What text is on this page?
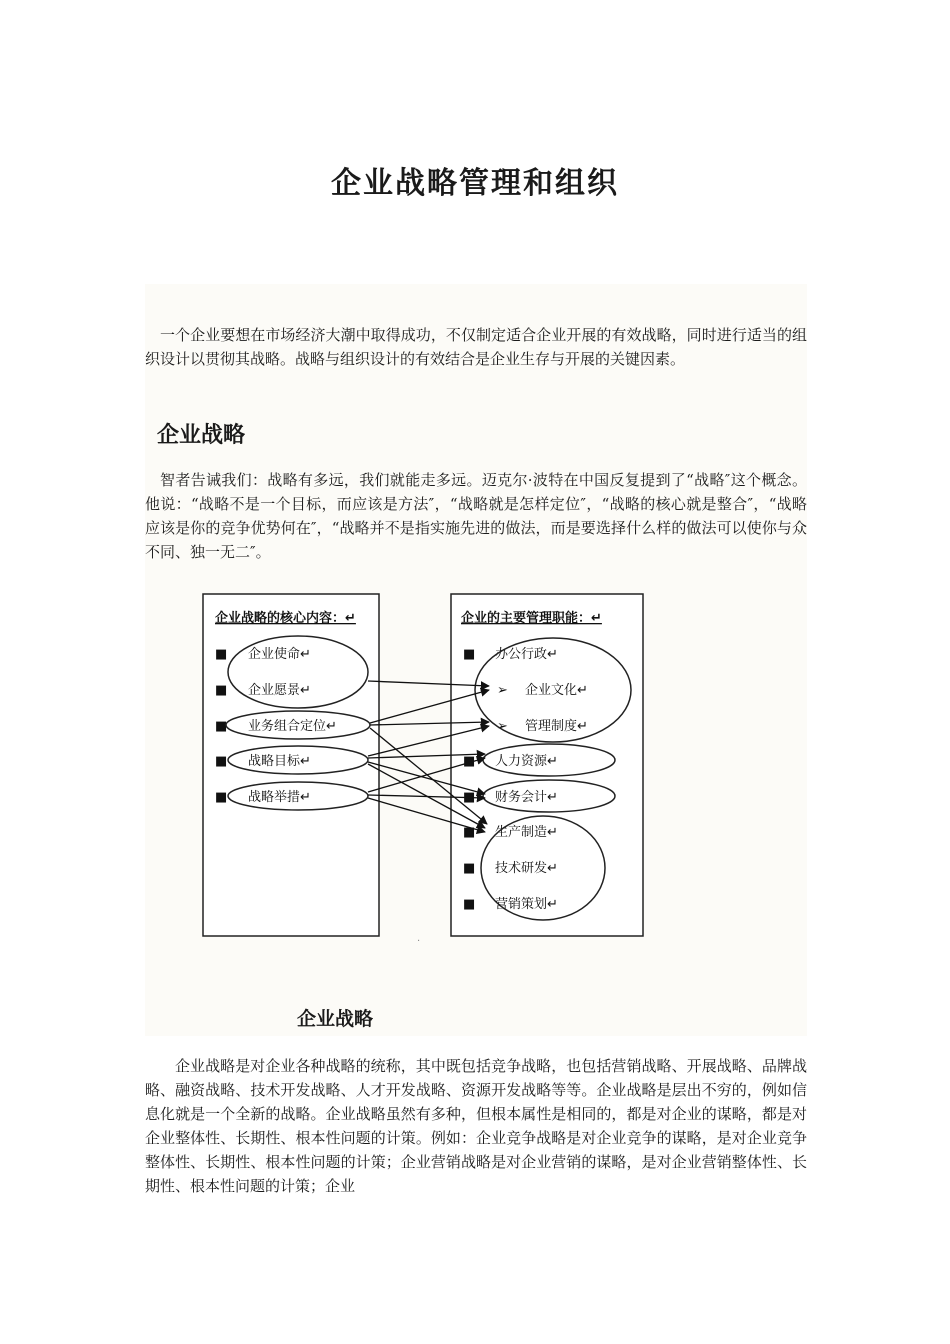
企业战略管理和组织

一个企业要想在市场经济大潮中取得成功，不仅制定适合企业开展的有效战略，同时进行适当的组织设计以贯彻其战略。战略与组织设计的有效结合是企业生存与开展的关键因素。

企业战略

智者告诫我们：战略有多远，我们就能走多远。迈克尔·波特在中国反复提到了“战略″这个概念。他说：“战略不是一个目标，而应该是方法″，“战略就是怎样定位″，“战略的核心就是整合″，“战略应该是你的竞争优势何在″，“战略并不是指实施先进的做法，而是要选择什么样的做法可以使你与众不同、独一无二″。

企业战略的核心内容：↵	企业的主要管理职能：↵
■
■
■
■
■
企业使命↵
企业愿景↵
业务组合定位↵
战略目标↵
战略举措↵
■
➢
➢
■
■
■
■
■
办公行政↵
企业文化↵
管理制度↵
人力资源↵
财务会计↵
生产制造↵
技术研发↵
营销策划↵
·
企业战略

企业战略是对企业各种战略的统称，其中既包括竞争战略，也包括营销战略、开展战略、品牌战略、融资战略、技术开发战略、人才开发战略、资源开发战略等等。企业战略是层出不穷的，例如信息化就是一个全新的战略。企业战略虽然有多种，但根本属性是相同的，都是对企业的谋略，都是对企业整体性、长期性、根本性问题的计策。例如：企业竞争战略是对企业竞争的谋略，是对企业竞争整体性、长期性、根本性问题的计策；企业营销战略是对企业营销的谋略，是对企业营销整体性、长期性、根本性问题的计策；企业
